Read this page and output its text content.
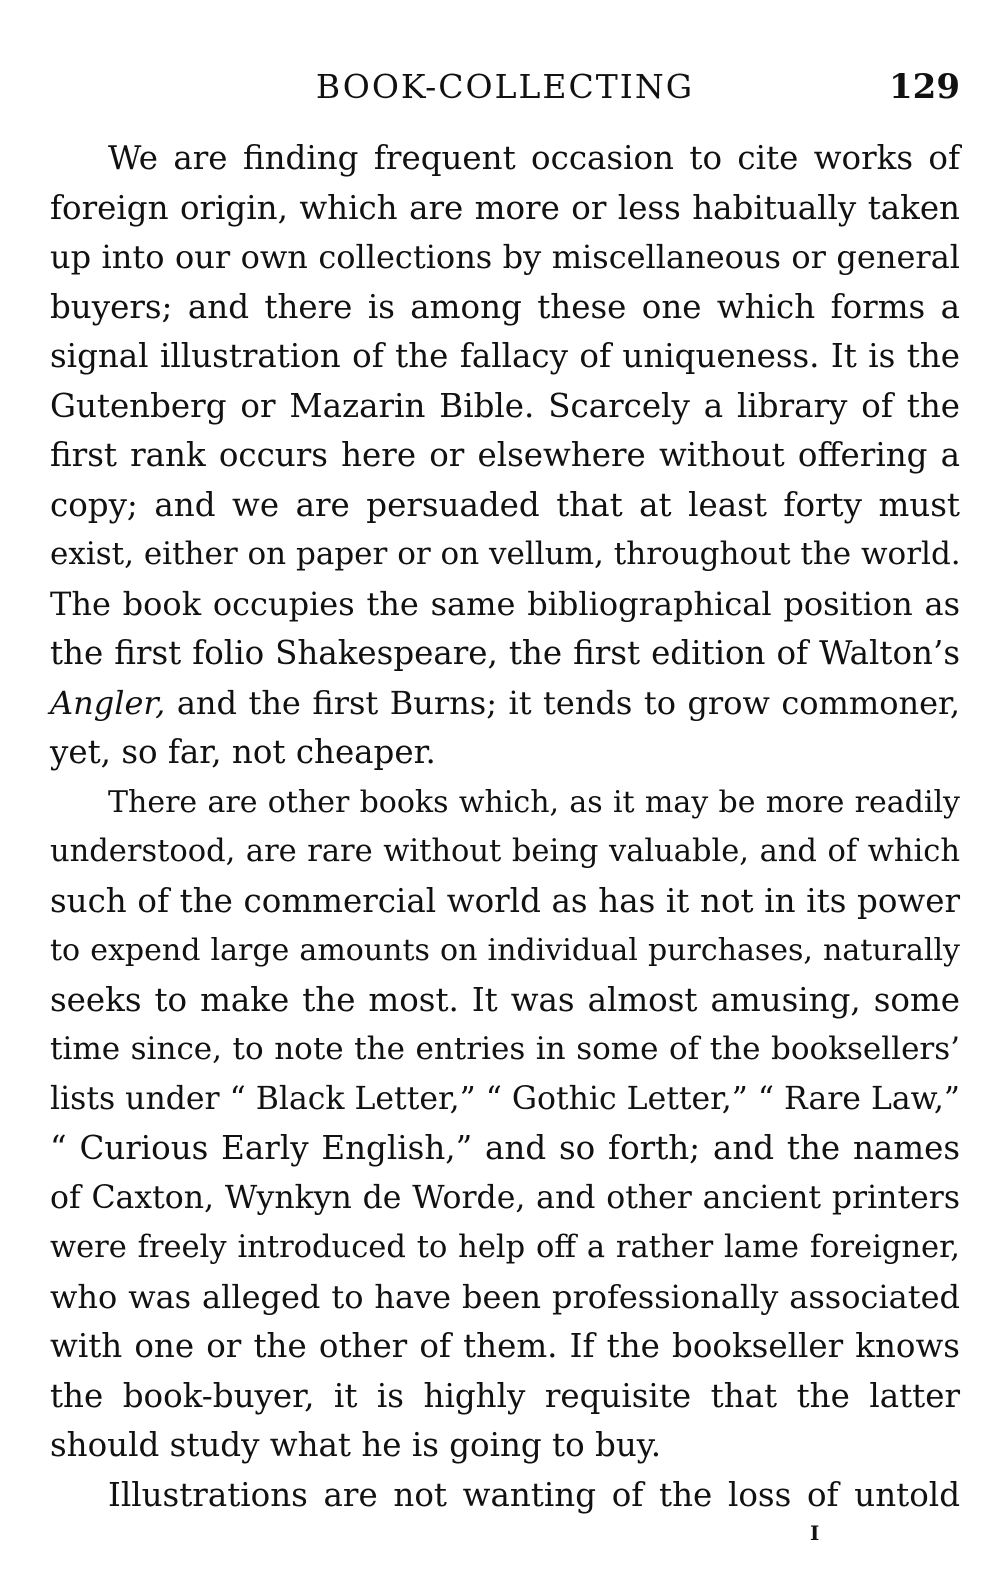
BOOK-COLLECTING	129
We are finding frequent occasion to cite works of
foreign origin, which are more or less habitually taken
up into our own collections by miscellaneous or general
buyers; and there is among these one which forms a
signal illustration of the fallacy of uniqueness. It is the
Gutenberg or Mazarin Bible. Scarcely a library of the
first rank occurs here or elsewhere without offering a
copy; and we are persuaded that at least forty must
exist, either on paper or on vellum, throughout the world.
The book occupies the same bibliographical position as
the first folio Shakespeare, the first edition of Walton’s
Angler, and the first Burns; it tends to grow commoner,
yet, so far, not cheaper.
There are other books which, as it may be more readily
understood, are rare without being valuable, and of which
such of the commercial world as has it not in its power
to expend large amounts on individual purchases, naturally
seeks to make the most. It was almost amusing, some
time since, to note the entries in some of the booksellers’
lists under “ Black Letter,” “ Gothic Letter,” “ Rare Law,”
“ Curious Early English,” and so forth; and the names
of Caxton, Wynkyn de Worde, and other ancient printers
were freely introduced to help off a rather lame foreigner,
who was alleged to have been professionally associated
with one or the other of them. If the bookseller knows
the book-buyer, it is highly requisite that the latter
should study what he is going to buy.
Illustrations are not wanting of the loss of untold
I
